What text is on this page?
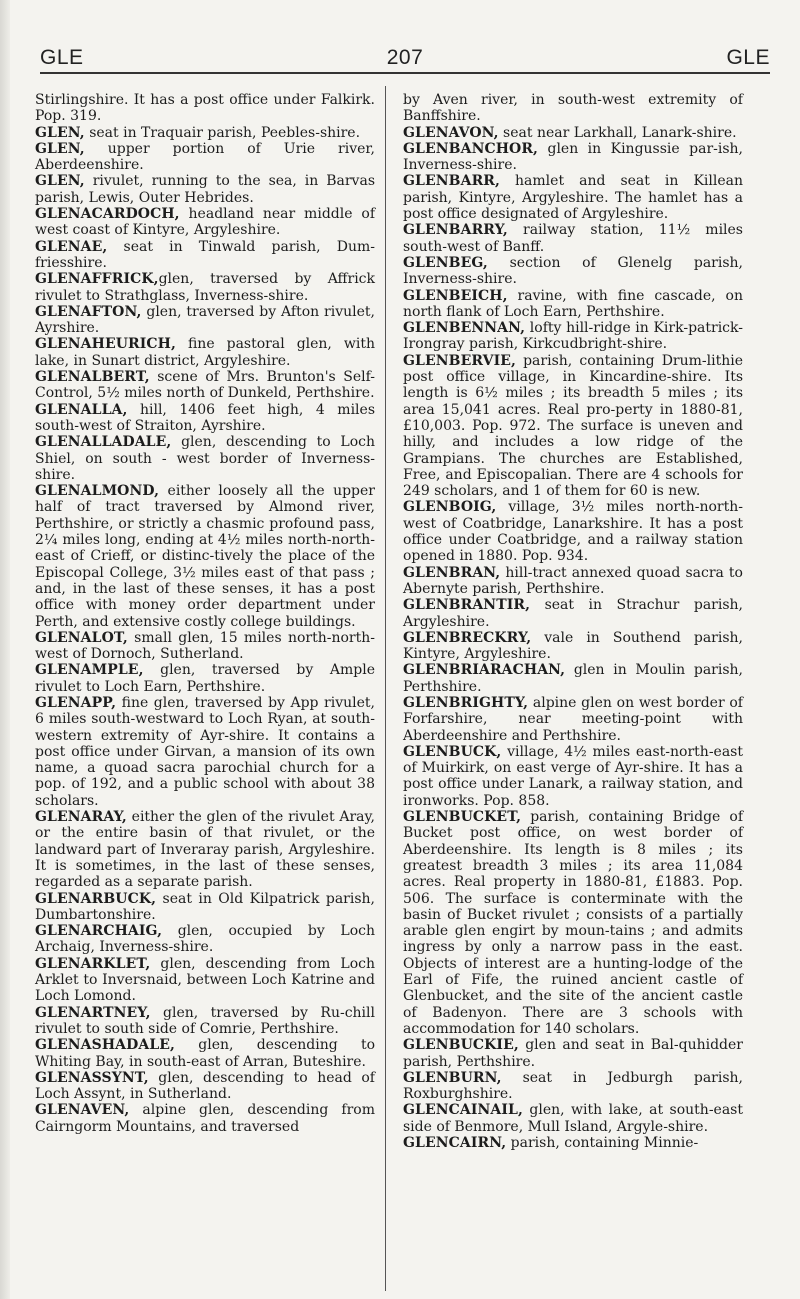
GLE	207	GLE

Stirlingshire. It has a post office under Falkirk. Pop. 319.

GLEN, seat in Traquair parish, Peebles-shire.

GLEN, upper portion of Urie river, Aberdeenshire.

GLEN, rivulet, running to the sea, in Barvas parish, Lewis, Outer Hebrides.

GLENACARDOCH, headland near middle of west coast of Kintyre, Argyleshire.

GLENAE, seat in Tinwald parish, Dum-friesshire.

GLENAFFRICK,glen, traversed by Affrick rivulet to Strathglass, Inverness-shire.

GLENAFTON, glen, traversed by Afton rivulet, Ayrshire.

GLENAHEURICH, fine pastoral glen, with lake, in Sunart district, Argyleshire.

GLENALBERT, scene of Mrs. Brunton's Self-Control, 5½ miles north of Dunkeld, Perthshire.

GLENALLA, hill, 1406 feet high, 4 miles south-west of Straiton, Ayrshire.

GLENALLADALE, glen, descending to Loch Shiel, on south - west border of Inverness-shire.

GLENALMOND, either loosely all the upper half of tract traversed by Almond river, Perthshire, or strictly a chasmic profound pass, 2¼ miles long, ending at 4½ miles north-north-east of Crieff, or distinc-tively the place of the Episcopal College, 3½ miles east of that pass ; and, in the last of these senses, it has a post office with money order department under Perth, and extensive costly college buildings.

GLENALOT, small glen, 15 miles north-north-west of Dornoch, Sutherland.

GLENAMPLE, glen, traversed by Ample rivulet to Loch Earn, Perthshire.

GLENAPP, fine glen, traversed by App rivulet, 6 miles south-westward to Loch Ryan, at south-western extremity of Ayr-shire. It contains a post office under Girvan, a mansion of its own name, a quoad sacra parochial church for a pop. of 192, and a public school with about 38 scholars.

GLENARAY, either the glen of the rivulet Aray, or the entire basin of that rivulet, or the landward part of Inveraray parish, Argyleshire. It is sometimes, in the last of these senses, regarded as a separate parish.

GLENARBUCK, seat in Old Kilpatrick parish, Dumbartonshire.

GLENARCHAIG, glen, occupied by Loch Archaig, Inverness-shire.

GLENARKLET, glen, descending from Loch Arklet to Inversnaid, between Loch Katrine and Loch Lomond.

GLENARTNEY, glen, traversed by Ru-chill rivulet to south side of Comrie, Perthshire.

GLENASHADALE, glen, descending to Whiting Bay, in south-east of Arran, Buteshire.

GLENASSYNT, glen, descending to head of Loch Assynt, in Sutherland.

GLENAVEN, alpine glen, descending from Cairngorm Mountains, and traversed

by Aven river, in south-west extremity of Banffshire.

GLENAVON, seat near Larkhall, Lanark-shire.

GLENBANCHOR, glen in Kingussie par-ish, Inverness-shire.

GLENBARR, hamlet and seat in Killean parish, Kintyre, Argyleshire. The hamlet has a post office designated of Argyleshire.

GLENBARRY, railway station, 11½ miles south-west of Banff.

GLENBEG, section of Glenelg parish, Inverness-shire.

GLENBEICH, ravine, with fine cascade, on north flank of Loch Earn, Perthshire.

GLENBENNAN, lofty hill-ridge in Kirk-patrick-Irongray parish, Kirkcudbright-shire.

GLENBERVIE, parish, containing Drum-lithie post office village, in Kincardine-shire. Its length is 6½ miles ; its breadth 5 miles ; its area 15,041 acres. Real pro-perty in 1880-81, £10,003. Pop. 972. The surface is uneven and hilly, and includes a low ridge of the Grampians. The churches are Established, Free, and Episcopalian. There are 4 schools for 249 scholars, and 1 of them for 60 is new.

GLENBOIG, village, 3½ miles north-north-west of Coatbridge, Lanarkshire. It has a post office under Coatbridge, and a railway station opened in 1880. Pop. 934.

GLENBRAN, hill-tract annexed quoad sacra to Abernyte parish, Perthshire.

GLENBRANTIR, seat in Strachur parish, Argyleshire.

GLENBRECKRY, vale in Southend parish, Kintyre, Argyleshire.

GLENBRIARACHAN, glen in Moulin parish, Perthshire.

GLENBRIGHTY, alpine glen on west border of Forfarshire, near meeting-point with Aberdeenshire and Perthshire.

GLENBUCK, village, 4½ miles east-north-east of Muirkirk, on east verge of Ayr-shire. It has a post office under Lanark, a railway station, and ironworks. Pop. 858.

GLENBUCKET, parish, containing Bridge of Bucket post office, on west border of Aberdeenshire. Its length is 8 miles ; its greatest breadth 3 miles ; its area 11,084 acres. Real property in 1880-81, £1883. Pop. 506. The surface is conterminate with the basin of Bucket rivulet ; consists of a partially arable glen engirt by moun-tains ; and admits ingress by only a narrow pass in the east. Objects of interest are a hunting-lodge of the Earl of Fife, the ruined ancient castle of Glenbucket, and the site of the ancient castle of Badenyon. There are 3 schools with accommodation for 140 scholars.

GLENBUCKIE, glen and seat in Bal-quhidder parish, Perthshire.

GLENBURN, seat in Jedburgh parish, Roxburghshire.

GLENCAINAIL, glen, with lake, at south-east side of Benmore, Mull Island, Argyle-shire.

GLENCAIRN, parish, containing Minnie-
